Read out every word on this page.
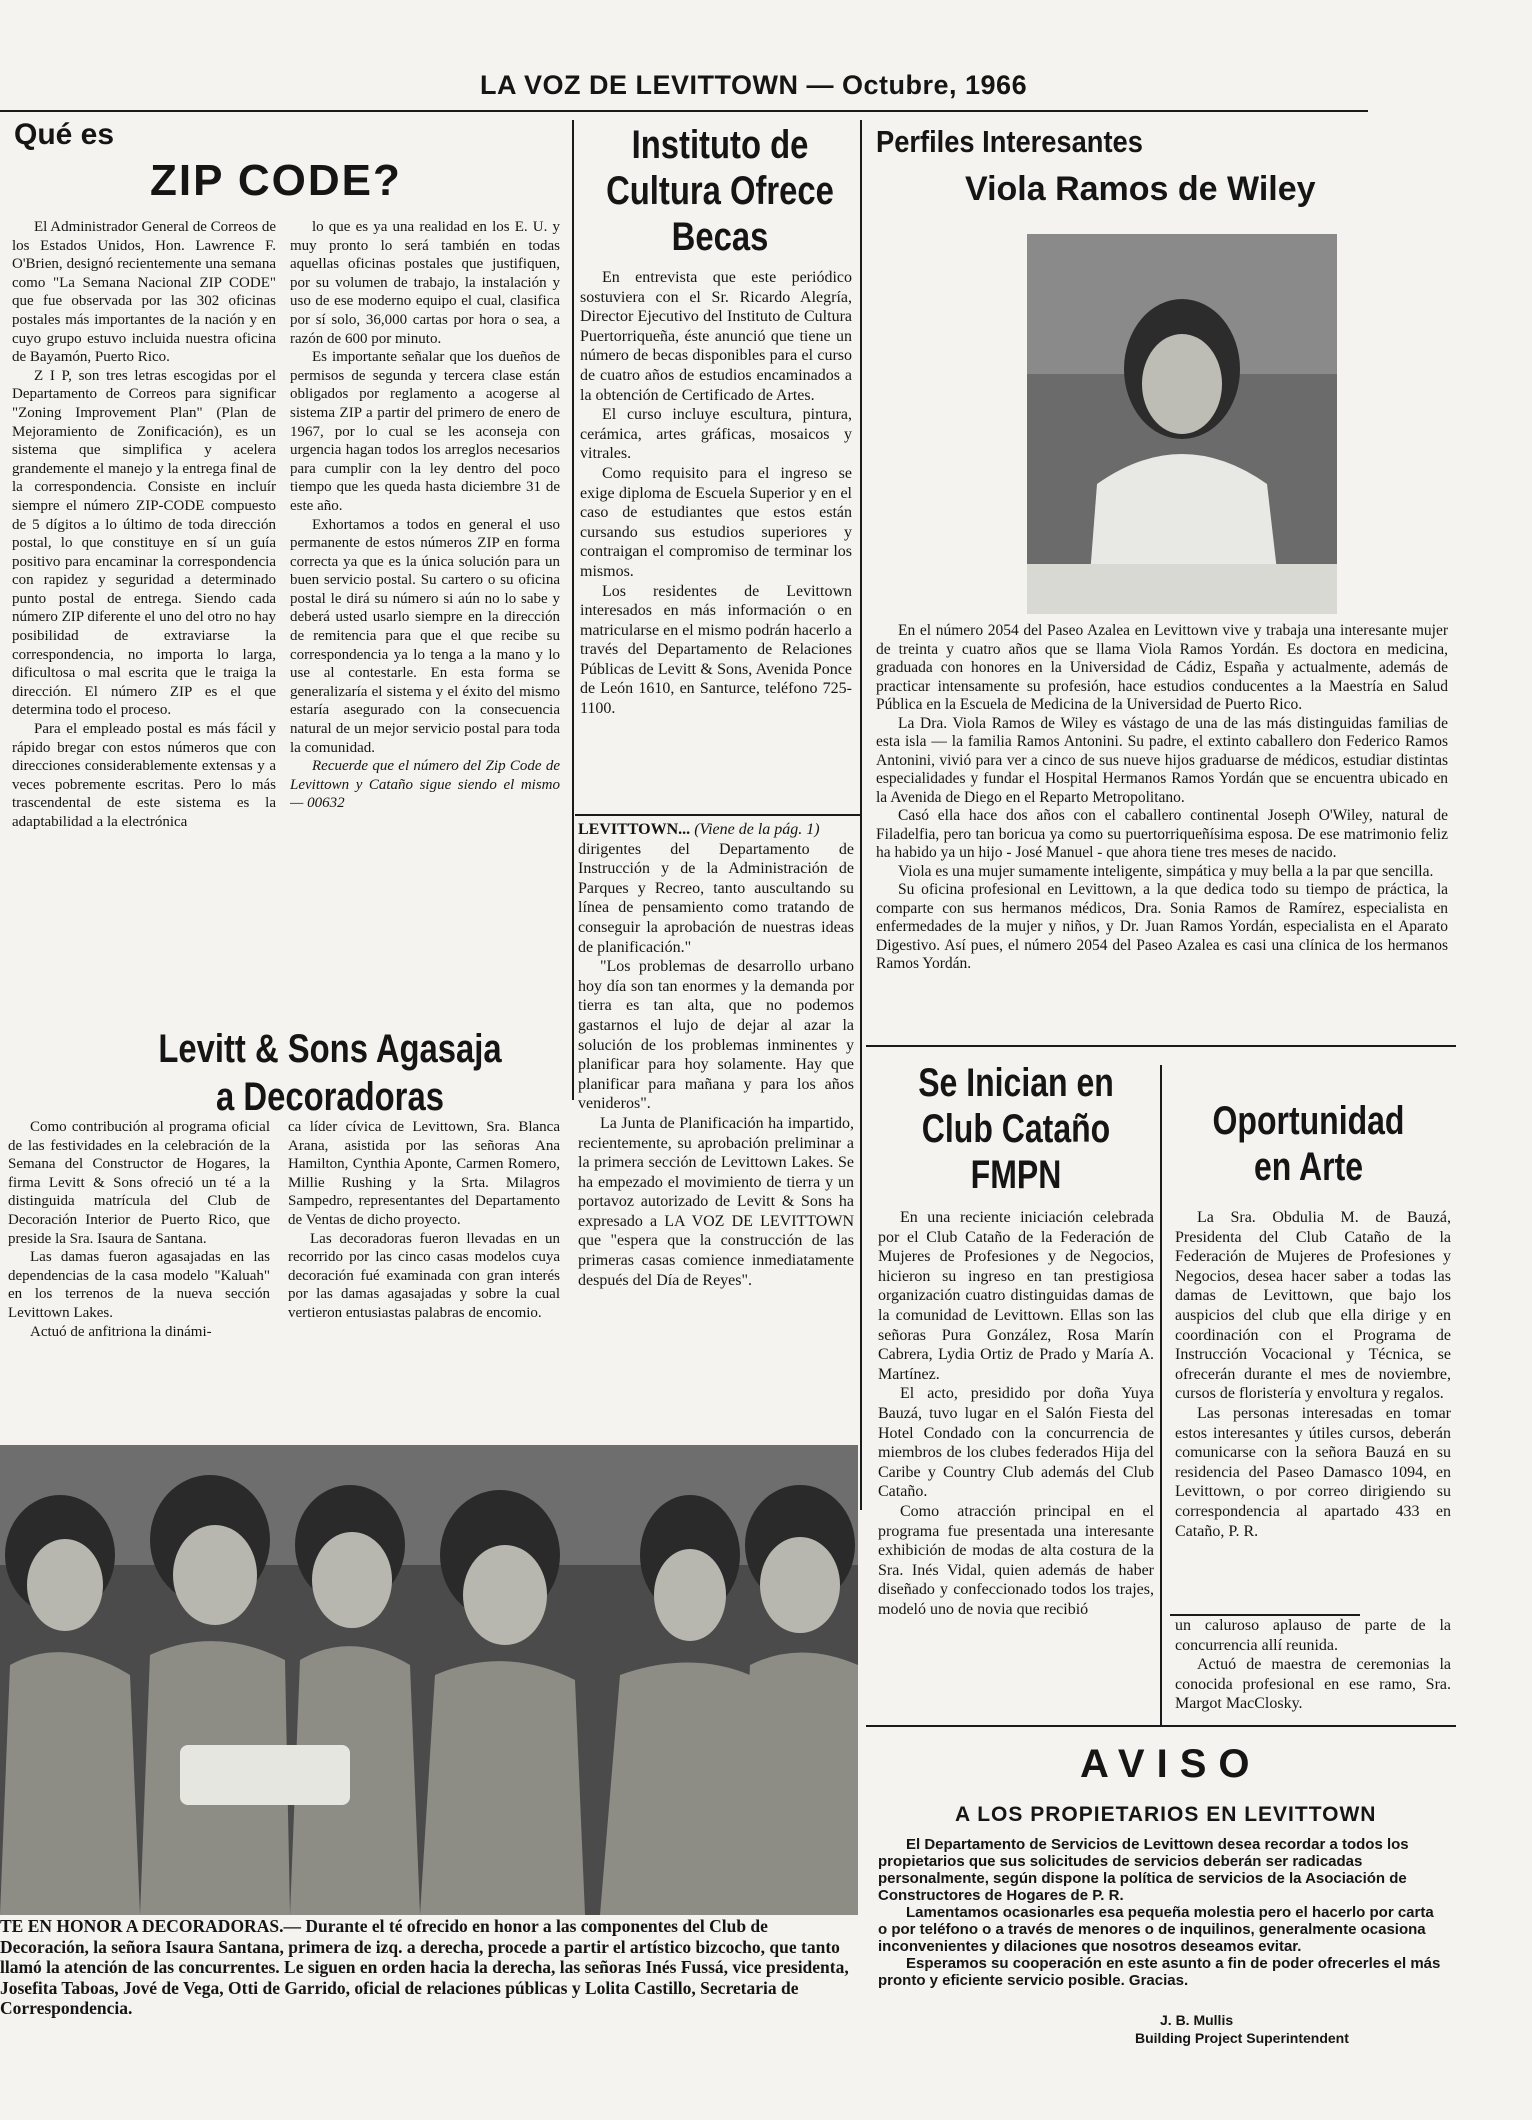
LA VOZ DE LEVITTOWN — Octubre, 1966
Qué es
ZIP CODE?

El Administrador General de Correos de los Estados Unidos, Hon. Lawrence F. O'Brien, designó recientemente una semana como "La Semana Nacional ZIP CODE" que fue observada por las 302 oficinas postales más importantes de la nación y en cuyo grupo estuvo incluida nuestra oficina de Bayamón, Puerto Rico.

Z I P, son tres letras escogidas por el Departamento de Correos para significar "Zoning Improvement Plan" (Plan de Mejoramiento de Zonificación), es un sistema que simplifica y acelera grandemente el manejo y la entrega final de la correspondencia. Consiste en incluír siempre el número ZIP-CODE compuesto de 5 dígitos a lo último de toda dirección postal, lo que constituye en sí un guía positivo para encaminar la correspondencia con rapidez y seguridad a determinado punto postal de entrega. Siendo cada número ZIP diferente el uno del otro no hay posibilidad de extraviarse la correspondencia, no importa lo larga, dificultosa o mal escrita que le traiga la dirección. El número ZIP es el que determina todo el proceso.

Para el empleado postal es más fácil y rápido bregar con estos números que con direcciones considerablemente extensas y a veces pobremente escritas. Pero lo más trascendental de este sistema es la adaptabilidad a la electrónica

lo que es ya una realidad en los E. U. y muy pronto lo será también en todas aquellas oficinas postales que justifiquen, por su volumen de trabajo, la instalación y uso de ese moderno equipo el cual, clasifica por sí solo, 36,000 cartas por hora o sea, a razón de 600 por minuto.

Es importante señalar que los dueños de permisos de segunda y tercera clase están obligados por reglamento a acogerse al sistema ZIP a partir del primero de enero de 1967, por lo cual se les aconseja con urgencia hagan todos los arreglos necesarios para cumplir con la ley dentro del poco tiempo que les queda hasta diciembre 31 de este año.

Exhortamos a todos en general el uso permanente de estos números ZIP en forma correcta ya que es la única solución para un buen servicio postal. Su cartero o su oficina postal le dirá su número si aún no lo sabe y deberá usted usarlo siempre en la dirección de remitencia para que el que recibe su correspondencia ya lo tenga a la mano y lo use al contestarle. En esta forma se generalizaría el sistema y el éxito del mismo estaría asegurado con la consecuencia natural de un mejor servicio postal para toda la comunidad.

Recuerde que el número del Zip Code de Levittown y Cataño sigue siendo el mismo — 00632

Instituto de
Cultura Ofrece
Becas

En entrevista que este periódico sostuviera con el Sr. Ricardo Alegría, Director Ejecutivo del Instituto de Cultura Puertorriqueña, éste anunció que tiene un número de becas disponibles para el curso de cuatro años de estudios encaminados a la obtención de Certificado de Artes.

El curso incluye escultura, pintura, cerámica, artes gráficas, mosaicos y vitrales.

Como requisito para el ingreso se exige diploma de Escuela Superior y en el caso de estudiantes que estos están cursando sus estudios superiores y contraigan el compromiso de terminar los mismos.

Los residentes de Levittown interesados en más información o en matricularse en el mismo podrán hacerlo a través del Departamento de Relaciones Públicas de Levitt & Sons, Avenida Ponce de León 1610, en Santurce, teléfono 725-1100.

LEVITTOWN... (Viene de la pág. 1)

dirigentes del Departamento de Instrucción y de la Administración de Parques y Recreo, tanto auscultando su línea de pensamiento como tratando de conseguir la aprobación de nuestras ideas de planificación."

"Los problemas de desarrollo urbano hoy día son tan enormes y la demanda por tierra es tan alta, que no podemos gastarnos el lujo de dejar al azar la solución de los problemas inminentes y planificar para hoy solamente. Hay que planificar para mañana y para los años venideros".

La Junta de Planificación ha impartido, recientemente, su aprobación preliminar a la primera sección de Levittown Lakes. Se ha empezado el movimiento de tierra y un portavoz autorizado de Levitt & Sons ha expresado a LA VOZ DE LEVITTOWN que "espera que la construcción de las primeras casas comience inmediatamente después del Día de Reyes".

Perfiles Interesantes
Viola Ramos de Wiley

En el número 2054 del Paseo Azalea en Levittown vive y trabaja una interesante mujer de treinta y cuatro años que se llama Viola Ramos Yordán. Es doctora en medicina, graduada con honores en la Universidad de Cádiz, España y actualmente, además de practicar intensamente su profesión, hace estudios conducentes a la Maestría en Salud Pública en la Escuela de Medicina de la Universidad de Puerto Rico.

La Dra. Viola Ramos de Wiley es vástago de una de las más distinguidas familias de esta isla — la familia Ramos Antonini. Su padre, el extinto caballero don Federico Ramos Antonini, vivió para ver a cinco de sus nueve hijos graduarse de médicos, estudiar distintas especialidades y fundar el Hospital Hermanos Ramos Yordán que se encuentra ubicado en la Avenida de Diego en el Reparto Metropolitano.

Casó ella hace dos años con el caballero continental Joseph O'Wiley, natural de Filadelfia, pero tan boricua ya como su puertorriqueñísima esposa. De ese matrimonio feliz ha habido ya un hijo - José Manuel - que ahora tiene tres meses de nacido.

Viola es una mujer sumamente inteligente, simpática y muy bella a la par que sencilla.

Su oficina profesional en Levittown, a la que dedica todo su tiempo de práctica, la comparte con sus hermanos médicos, Dra. Sonia Ramos de Ramírez, especialista en enfermedades de la mujer y niños, y Dr. Juan Ramos Yordán, especialista en el Aparato Digestivo. Así pues, el número 2054 del Paseo Azalea es casi una clínica de los hermanos Ramos Yordán.

Levitt & Sons Agasaja
a Decoradoras

Como contribución al programa oficial de las festividades en la celebración de la Semana del Constructor de Hogares, la firma Levitt & Sons ofreció un té a la distinguida matrícula del Club de Decoración Interior de Puerto Rico, que preside la Sra. Isaura de Santana.

Las damas fueron agasajadas en las dependencias de la casa modelo "Kaluah" en los terrenos de la nueva sección Levittown Lakes.

Actuó de anfitriona la dinámi-

ca líder cívica de Levittown, Sra. Blanca Arana, asistida por las señoras Ana Hamilton, Cynthia Aponte, Carmen Romero, Millie Rushing y la Srta. Milagros Sampedro, representantes del Departamento de Ventas de dicho proyecto.

Las decoradoras fueron llevadas en un recorrido por las cinco casas modelos cuya decoración fué examinada con gran interés por las damas agasajadas y sobre la cual vertieron entusiastas palabras de encomio.

TE EN HONOR A DECORADORAS.— Durante el té ofrecido en honor a las componentes del Club de Decoración, la señora Isaura Santana, primera de izq. a derecha, procede a partir el artístico bizcocho, que tanto llamó la atención de las concurrentes. Le siguen en orden hacia la derecha, las señoras Inés Fussá, vice presidenta, Josefita Taboas, Jové de Vega, Otti de Garrido, oficial de relaciones públicas y Lolita Castillo, Secretaria de Correspondencia.
Se Inician en
Club Cataño
FMPN

En una reciente iniciación celebrada por el Club Cataño de la Federación de Mujeres de Profesiones y de Negocios, hicieron su ingreso en tan prestigiosa organización cuatro distinguidas damas de la comunidad de Levittown. Ellas son las señoras Pura González, Rosa Marín Cabrera, Lydia Ortiz de Prado y María A. Martínez.

El acto, presidido por doña Yuya Bauzá, tuvo lugar en el Salón Fiesta del Hotel Condado con la concurrencia de miembros de los clubes federados Hija del Caribe y Country Club además del Club Cataño.

Como atracción principal en el programa fue presentada una interesante exhibición de modas de alta costura de la Sra. Inés Vidal, quien además de haber diseñado y confeccionado todos los trajes, modeló uno de novia que recibió

Oportunidad
en Arte

La Sra. Obdulia M. de Bauzá, Presidenta del Club Cataño de la Federación de Mujeres de Profesiones y Negocios, desea hacer saber a todas las damas de Levittown, que bajo los auspicios del club que ella dirige y en coordinación con el Programa de Instrucción Vocacional y Técnica, se ofrecerán durante el mes de noviembre, cursos de floristería y envoltura y regalos.

Las personas interesadas en tomar estos interesantes y útiles cursos, deberán comunicarse con la señora Bauzá en su residencia del Paseo Damasco 1094, en Levittown, o por correo dirigiendo su correspondencia al apartado 433 en Cataño, P. R.

un caluroso aplauso de parte de la concurrencia allí reunida.

Actuó de maestra de ceremonias la conocida profesional en ese ramo, Sra. Margot MacClosky.

AVISO
A LOS PROPIETARIOS EN LEVITTOWN

El Departamento de Servicios de Levittown desea recordar a todos los propietarios que sus solicitudes de servicios deberán ser radicadas personalmente, según dispone la política de servicios de la Asociación de Constructores de Hogares de P. R.

Lamentamos ocasionarles esa pequeña molestia pero el hacerlo por carta o por teléfono o a través de menores o de inquilinos, generalmente ocasiona inconvenientes y dilaciones que nosotros deseamos evitar.

Esperamos su cooperación en este asunto a fin de poder ofrecerles el más pronto y eficiente servicio posible. Gracias.

J. B. Mullis
Building Project Superintendent
